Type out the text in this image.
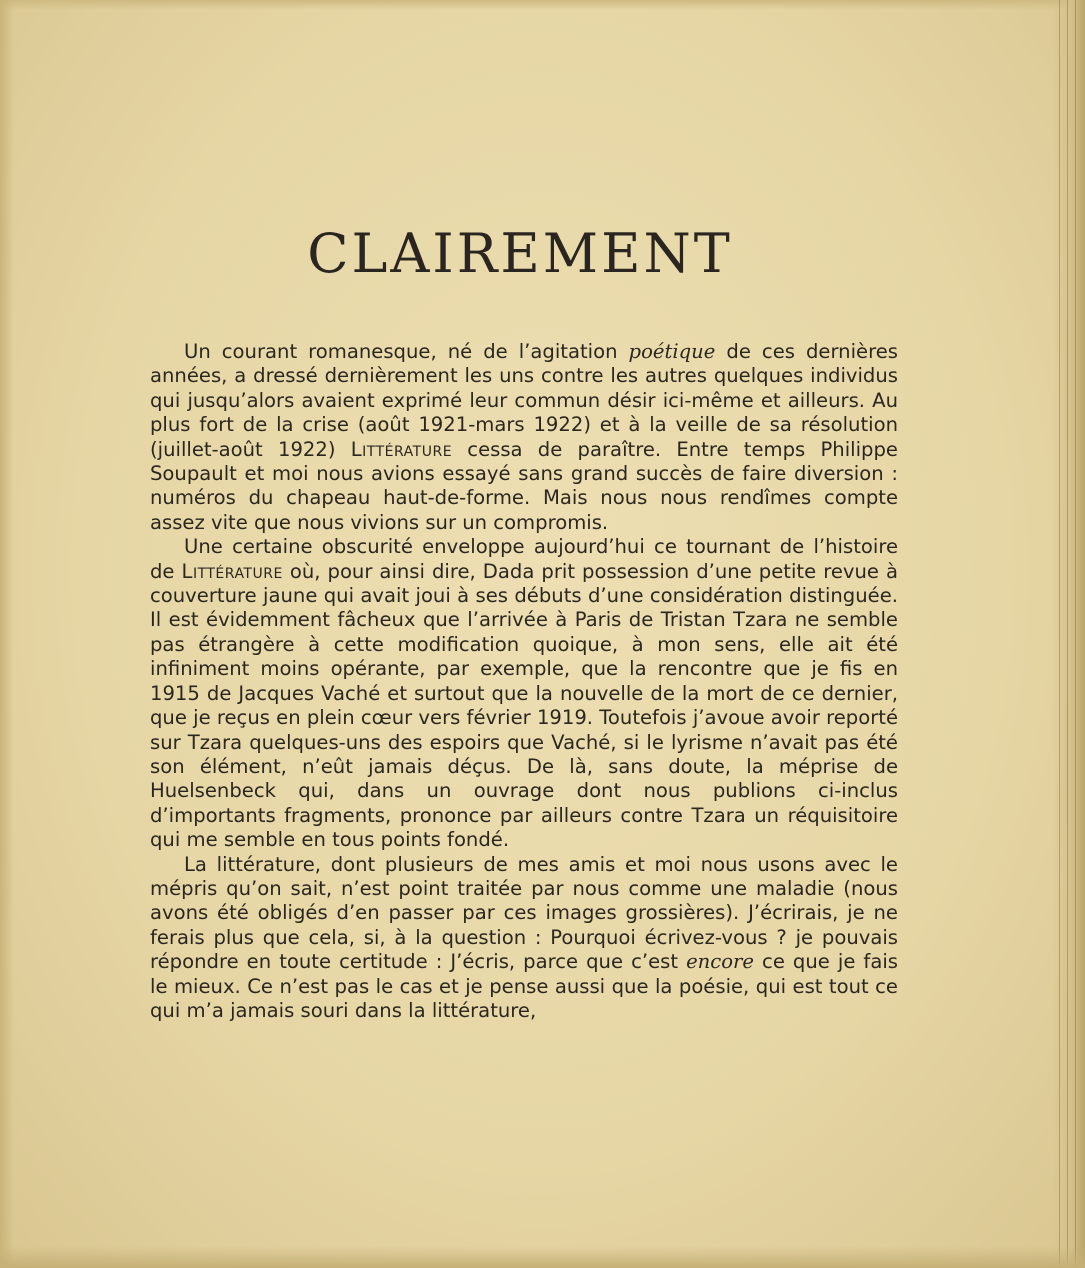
CLAIREMENT

Un courant romanesque, né de l’agitation poétique de ces dernières années, a dressé dernièrement les uns contre les autres quelques individus qui jusqu’alors avaient exprimé leur commun désir ici-même et ailleurs. Au plus fort de la crise (août 1921-mars 1922) et à la veille de sa résolution (juillet-août 1922) Littérature cessa de paraître. Entre temps Philippe Soupault et moi nous avions essayé sans grand succès de faire diversion : numéros du chapeau haut-de-forme. Mais nous nous rendîmes compte assez vite que nous vivions sur un compromis.

Une certaine obscurité enveloppe aujourd’hui ce tournant de l’histoire de Littérature où, pour ainsi dire, Dada prit possession d’une petite revue à couverture jaune qui avait joui à ses débuts d’une considération distinguée. Il est évidemment fâcheux que l’arrivée à Paris de Tristan Tzara ne semble pas étrangère à cette modification quoique, à mon sens, elle ait été infiniment moins opérante, par exemple, que la rencontre que je fis en 1915 de Jacques Vaché et surtout que la nouvelle de la mort de ce dernier, que je reçus en plein cœur vers février 1919. Toutefois j’avoue avoir reporté sur Tzara quelques-uns des espoirs que Vaché, si le lyrisme n’avait pas été son élément, n’eût jamais déçus. De là, sans doute, la méprise de Huelsenbeck qui, dans un ouvrage dont nous publions ci-inclus d’importants fragments, prononce par ailleurs contre Tzara un réquisitoire qui me semble en tous points fondé.

La littérature, dont plusieurs de mes amis et moi nous usons avec le mépris qu’on sait, n’est point traitée par nous comme une maladie (nous avons été obligés d’en passer par ces images grossières). J’écrirais, je ne ferais plus que cela, si, à la question : Pourquoi écrivez-vous ? je pouvais répondre en toute certitude : J’écris, parce que c’est encore ce que je fais le mieux. Ce n’est pas le cas et je pense aussi que la poésie, qui est tout ce qui m’a jamais souri dans la littérature,
